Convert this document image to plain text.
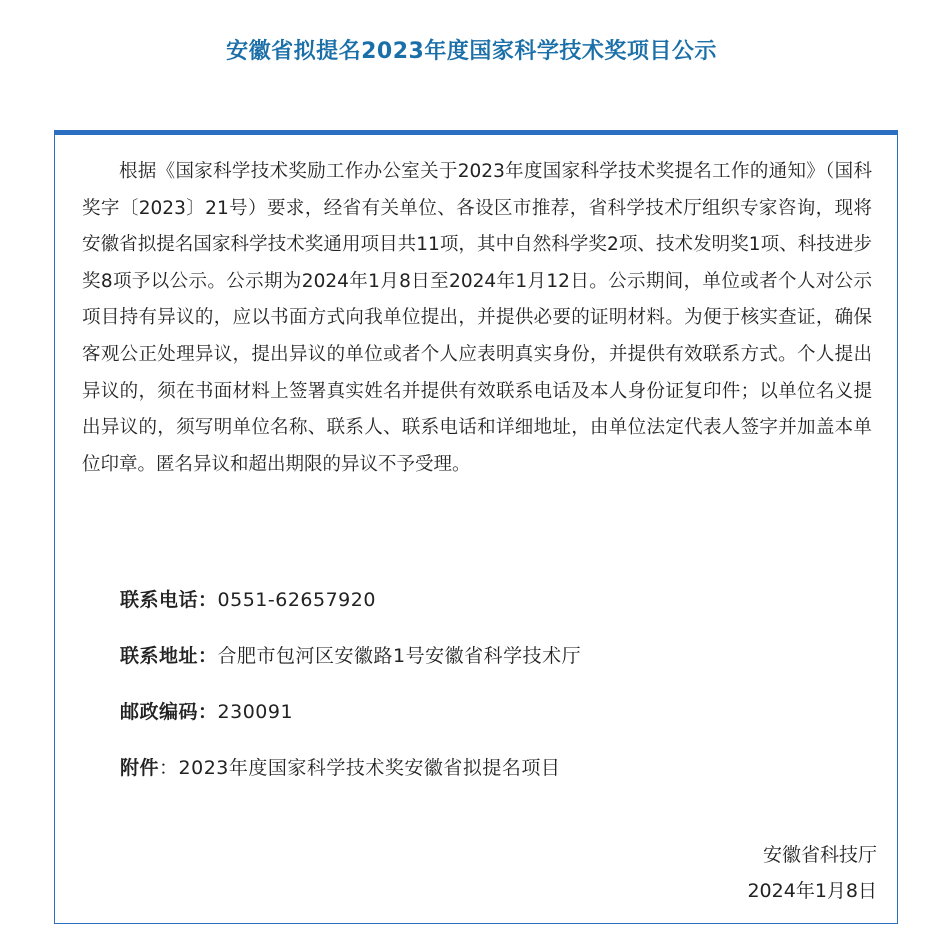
安徽省拟提名2023年度国家科学技术奖项目公示

根据《国家科学技术奖励工作办公室关于2023年度国家科学技术奖提名工作的通知》（国科奖字〔2023〕21号）要求，经省有关单位、各设区市推荐，省科学技术厅组织专家咨询，现将安徽省拟提名国家科学技术奖通用项目共11项，其中自然科学奖2项、技术发明奖1项、科技进步奖8项予以公示。公示期为2024年1月8日至2024年1月12日。公示期间，单位或者个人对公示项目持有异议的，应以书面方式向我单位提出，并提供必要的证明材料。为便于核实查证，确保客观公正处理异议，提出异议的单位或者个人应表明真实身份，并提供有效联系方式。个人提出异议的，须在书面材料上签署真实姓名并提供有效联系电话及本人身份证复印件；以单位名义提出异议的，须写明单位名称、联系人、联系电话和详细地址，由单位法定代表人签字并加盖本单位印章。匿名异议和超出期限的异议不予受理。

联系电话：0551-62657920
联系地址：合肥市包河区安徽路1号安徽省科学技术厅
邮政编码：230091
附件：2023年度国家科学技术奖安徽省拟提名项目
安徽省科技厅
2024年1月8日
